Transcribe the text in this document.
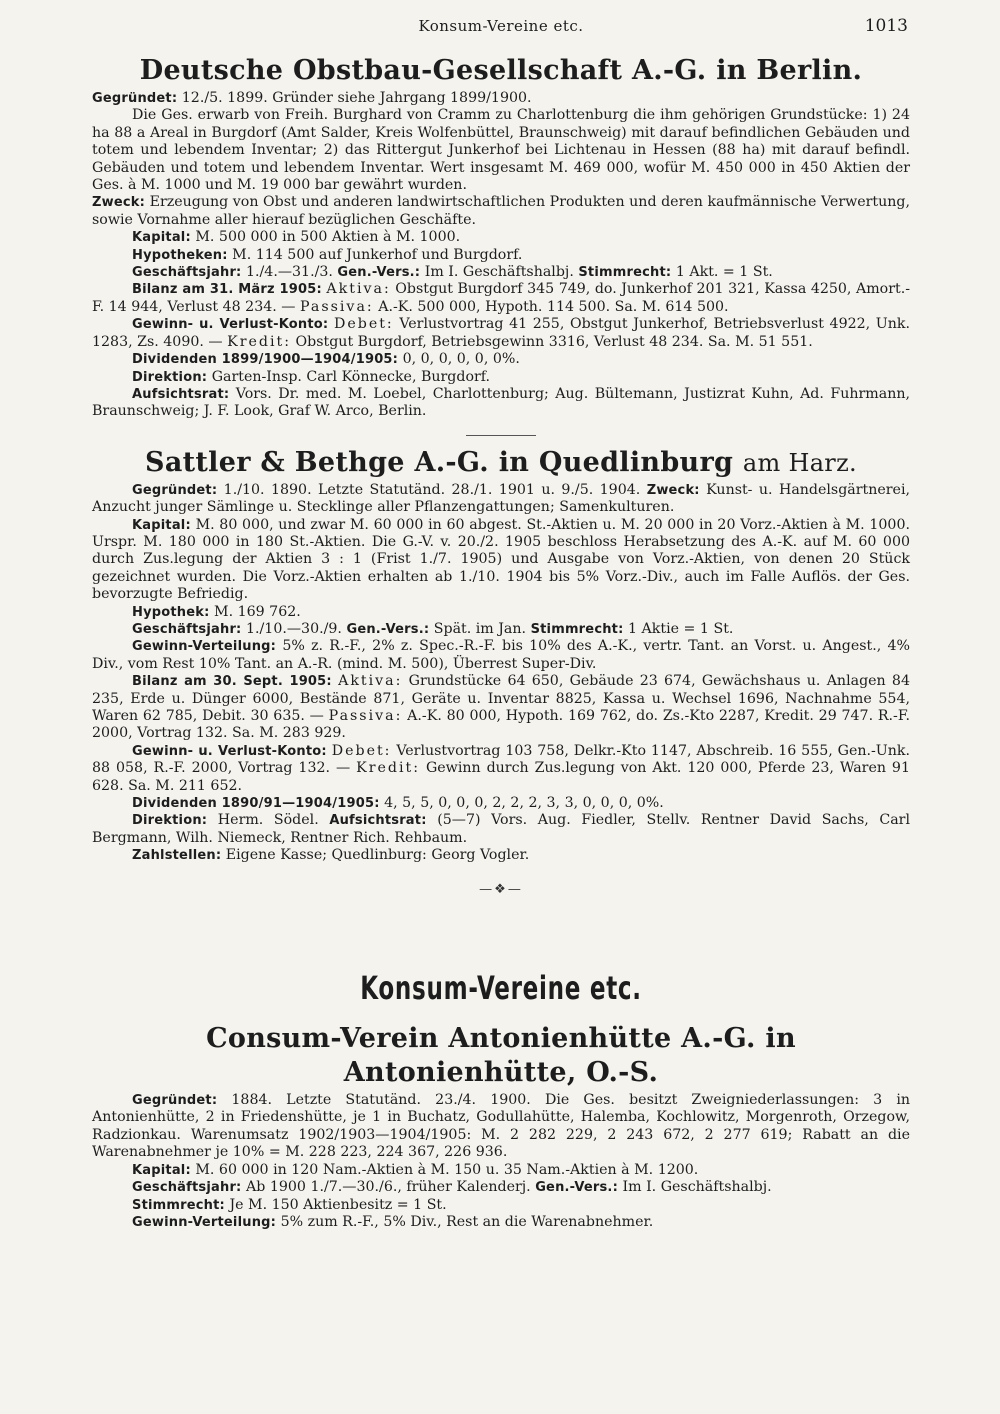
Konsum-Vereine etc.	1013
Deutsche Obstbau-Gesellschaft A.-G. in Berlin.

Gegründet: 12./5. 1899. Gründer siehe Jahrgang 1899/1900.

Die Ges. erwarb von Freih. Burghard von Cramm zu Charlottenburg die ihm gehörigen Grundstücke: 1) 24 ha 88 a Areal in Burgdorf (Amt Salder, Kreis Wolfenbüttel, Braunschweig) mit darauf befindlichen Gebäuden und totem und lebendem Inventar; 2) das Rittergut Junkerhof bei Lichtenau in Hessen (88 ha) mit darauf befindl. Gebäuden und totem und lebendem Inventar. Wert insgesamt M. 469 000, wofür M. 450 000 in 450 Aktien der Ges. à M. 1000 und M. 19 000 bar gewährt wurden.

Zweck: Erzeugung von Obst und anderen landwirtschaftlichen Produkten und deren kaufmännische Verwertung, sowie Vornahme aller hierauf bezüglichen Geschäfte.

Kapital: M. 500 000 in 500 Aktien à M. 1000.

Hypotheken: M. 114 500 auf Junkerhof und Burgdorf.

Geschäftsjahr: 1./4.—31./3. Gen.-Vers.: Im I. Geschäftshalbj. Stimmrecht: 1 Akt. = 1 St.

Bilanz am 31. März 1905: Aktiva: Obstgut Burgdorf 345 749, do. Junkerhof 201 321, Kassa 4250, Amort.-F. 14 944, Verlust 48 234. — Passiva: A.-K. 500 000, Hypoth. 114 500. Sa. M. 614 500.

Gewinn- u. Verlust-Konto: Debet: Verlustvortrag 41 255, Obstgut Junkerhof, Betriebsverlust 4922, Unk. 1283, Zs. 4090. — Kredit: Obstgut Burgdorf, Betriebsgewinn 3316, Verlust 48 234. Sa. M. 51 551.

Dividenden 1899/1900—1904/1905: 0, 0, 0, 0, 0, 0%.

Direktion: Garten-Insp. Carl Könnecke, Burgdorf.

Aufsichtsrat: Vors. Dr. med. M. Loebel, Charlottenburg; Aug. Bültemann, Justizrat Kuhn, Ad. Fuhrmann, Braunschweig; J. F. Look, Graf W. Arco, Berlin.

Sattler & Bethge A.-G. in Quedlinburg am Harz.

Gegründet: 1./10. 1890. Letzte Statutänd. 28./1. 1901 u. 9./5. 1904. Zweck: Kunst- u. Handelsgärtnerei, Anzucht junger Sämlinge u. Stecklinge aller Pflanzengattungen; Samenkulturen.

Kapital: M. 80 000, und zwar M. 60 000 in 60 abgest. St.-Aktien u. M. 20 000 in 20 Vorz.-Aktien à M. 1000. Urspr. M. 180 000 in 180 St.-Aktien. Die G.-V. v. 20./2. 1905 beschloss Herabsetzung des A.-K. auf M. 60 000 durch Zus.legung der Aktien 3 : 1 (Frist 1./7. 1905) und Ausgabe von Vorz.-Aktien, von denen 20 Stück gezeichnet wurden. Die Vorz.-Aktien erhalten ab 1./10. 1904 bis 5% Vorz.-Div., auch im Falle Auflös. der Ges. bevorzugte Befriedig.

Hypothek: M. 169 762.

Geschäftsjahr: 1./10.—30./9. Gen.-Vers.: Spät. im Jan. Stimmrecht: 1 Aktie = 1 St.

Gewinn-Verteilung: 5% z. R.-F., 2% z. Spec.-R.-F. bis 10% des A.-K., vertr. Tant. an Vorst. u. Angest., 4% Div., vom Rest 10% Tant. an A.-R. (mind. M. 500), Überrest Super-Div.

Bilanz am 30. Sept. 1905: Aktiva: Grundstücke 64 650, Gebäude 23 674, Gewächshaus u. Anlagen 84 235, Erde u. Dünger 6000, Bestände 871, Geräte u. Inventar 8825, Kassa u. Wechsel 1696, Nachnahme 554, Waren 62 785, Debit. 30 635. — Passiva: A.-K. 80 000, Hypoth. 169 762, do. Zs.-Kto 2287, Kredit. 29 747. R.-F. 2000, Vortrag 132. Sa. M. 283 929.

Gewinn- u. Verlust-Konto: Debet: Verlustvortrag 103 758, Delkr.-Kto 1147, Abschreib. 16 555, Gen.-Unk. 88 058, R.-F. 2000, Vortrag 132. — Kredit: Gewinn durch Zus.legung von Akt. 120 000, Pferde 23, Waren 91 628. Sa. M. 211 652.

Dividenden 1890/91—1904/1905: 4, 5, 5, 0, 0, 0, 2, 2, 2, 3, 3, 0, 0, 0, 0%.

Direktion: Herm. Södel. Aufsichtsrat: (5—7) Vors. Aug. Fiedler, Stellv. Rentner David Sachs, Carl Bergmann, Wilh. Niemeck, Rentner Rich. Rehbaum.

Zahlstellen: Eigene Kasse; Quedlinburg: Georg Vogler.

—❖—
Konsum-Vereine etc.
Consum-Verein Antonienhütte A.-G. in Antonienhütte, O.-S.

Gegründet: 1884. Letzte Statutänd. 23./4. 1900. Die Ges. besitzt Zweigniederlassungen: 3 in Antonienhütte, 2 in Friedenshütte, je 1 in Buchatz, Godullahütte, Halemba, Kochlowitz, Morgenroth, Orzegow, Radzionkau. Warenumsatz 1902/1903—1904/1905: M. 2 282 229, 2 243 672, 2 277 619; Rabatt an die Warenabnehmer je 10% = M. 228 223, 224 367, 226 936.

Kapital: M. 60 000 in 120 Nam.-Aktien à M. 150 u. 35 Nam.-Aktien à M. 1200.

Geschäftsjahr: Ab 1900 1./7.—30./6., früher Kalenderj. Gen.-Vers.: Im I. Geschäftshalbj.

Stimmrecht: Je M. 150 Aktienbesitz = 1 St.

Gewinn-Verteilung: 5% zum R.-F., 5% Div., Rest an die Warenabnehmer.
